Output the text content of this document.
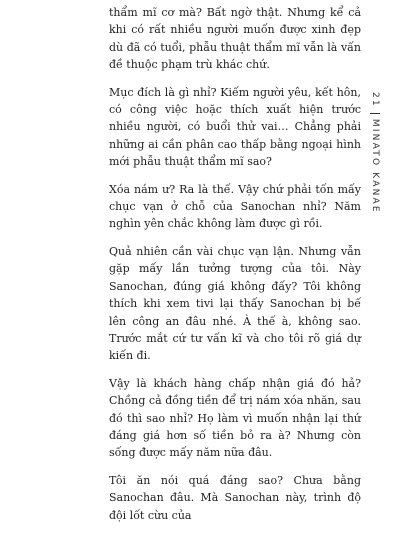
thẩm mĩ cơ mà? Bất ngờ thật. Nhưng kể cả khi có rất nhiều người muốn được xinh đẹp dù đã có tuổi, phẫu thuật thẩm mĩ vẫn là vấn đề thuộc phạm trù khác chứ.

Mục đích là gì nhỉ? Kiếm người yêu, kết hôn, có công việc hoặc thích xuất hiện trước nhiều người, có buổi thử vai… Chẳng phải những ai cần phân cao thấp bằng ngoại hình mới phẫu thuật thẩm mĩ sao?

Xóa nám ư? Ra là thế. Vậy chứ phải tốn mấy chục vạn ở chỗ của Sanochan nhỉ? Năm nghìn yên chắc không làm được gì rồi.

Quả nhiên cần vài chục vạn lận. Nhưng vẫn gặp mấy lần tưởng tượng của tôi. Này Sanochan, đúng giá không đấy? Tôi không thích khi xem tivi lại thấy Sanochan bị bế lên công an đâu nhé. À thế à, không sao. Trước mắt cứ tư vấn kĩ và cho tôi rõ giá dự kiến đi.

Vậy là khách hàng chấp nhận giá đó hả? Chồng cả đồng tiền để trị nám xóa nhăn, sau đó thì sao nhỉ? Họ làm vì muốn nhận lại thứ đáng giá hơn số tiền bỏ ra à? Nhưng còn sống được mấy năm nữa đâu.

Tôi ăn nói quá đáng sao? Chưa bằng Sanochan đâu. Mà Sanochan này, trình độ đội lốt cừu của

21
MINATO KANAE
